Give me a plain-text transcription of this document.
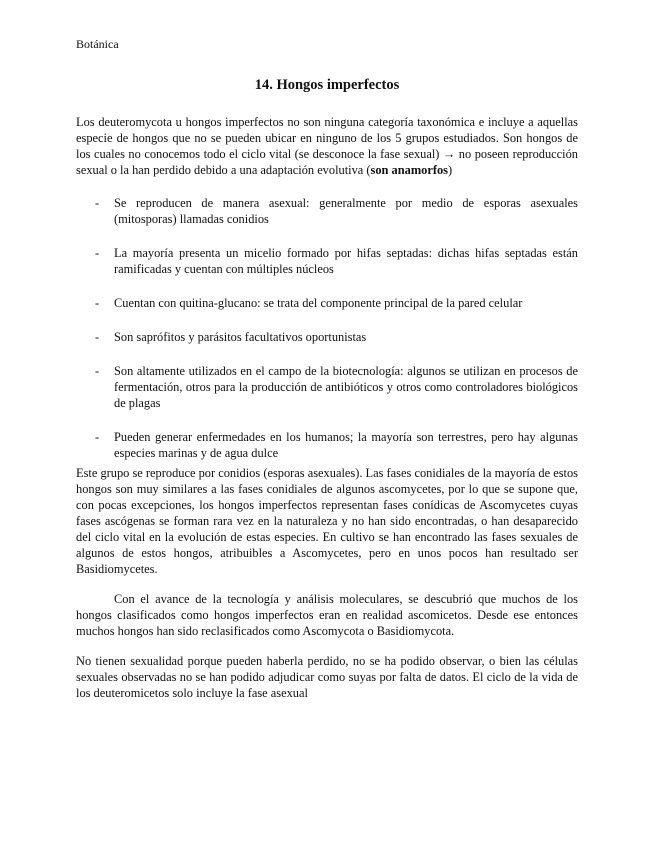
Botánica

14. Hongos imperfectos

Los deuteromycota u hongos imperfectos no son ninguna categoría taxonómica e incluye a aquellas especie de hongos que no se pueden ubicar en ninguno de los 5 grupos estudiados. Son hongos de los cuales no conocemos todo el ciclo vital (se desconoce la fase sexual) → no poseen reproducción sexual o la han perdido debido a una adaptación evolutiva (son anamorfos)

- Se reproducen de manera asexual: generalmente por medio de esporas asexuales (mitosporas) llamadas conidios
- La mayoría presenta un micelio formado por hifas septadas: dichas hifas septadas están ramificadas y cuentan con múltiples núcleos
- Cuentan con quitina-glucano: se trata del componente principal de la pared celular
- Son saprófitos y parásitos facultativos oportunistas
- Son altamente utilizados en el campo de la biotecnología: algunos se utilizan en procesos de fermentación, otros para la producción de antibióticos y otros como controladores biológicos de plagas
- Pueden generar enfermedades en los humanos; la mayoría son terrestres, pero hay algunas especies marinas y de agua dulce

Este grupo se reproduce por conidios (esporas asexuales). Las fases conidiales de la mayoría de estos hongos son muy similares a las fases conidiales de algunos ascomycetes, por lo que se supone que, con pocas excepciones, los hongos imperfectos representan fases conídicas de Ascomycetes cuyas fases ascógenas se forman rara vez en la naturaleza y no han sido encontradas, o han desaparecido del ciclo vital en la evolución de estas especies. En cultivo se han encontrado las fases sexuales de algunos de estos hongos, atribuibles a Ascomycetes, pero en unos pocos han resultado ser Basidiomycetes.

Con el avance de la tecnología y análisis moleculares, se descubrió que muchos de los hongos clasificados como hongos imperfectos eran en realidad ascomicetos. Desde ese entonces muchos hongos han sido reclasificados como Ascomycota o Basidiomycota.

No tienen sexualidad porque pueden haberla perdido, no se ha podido observar, o bien las células sexuales observadas no se han podido adjudicar como suyas por falta de datos. El ciclo de la vida de los deuteromicetos solo incluye la fase asexual
